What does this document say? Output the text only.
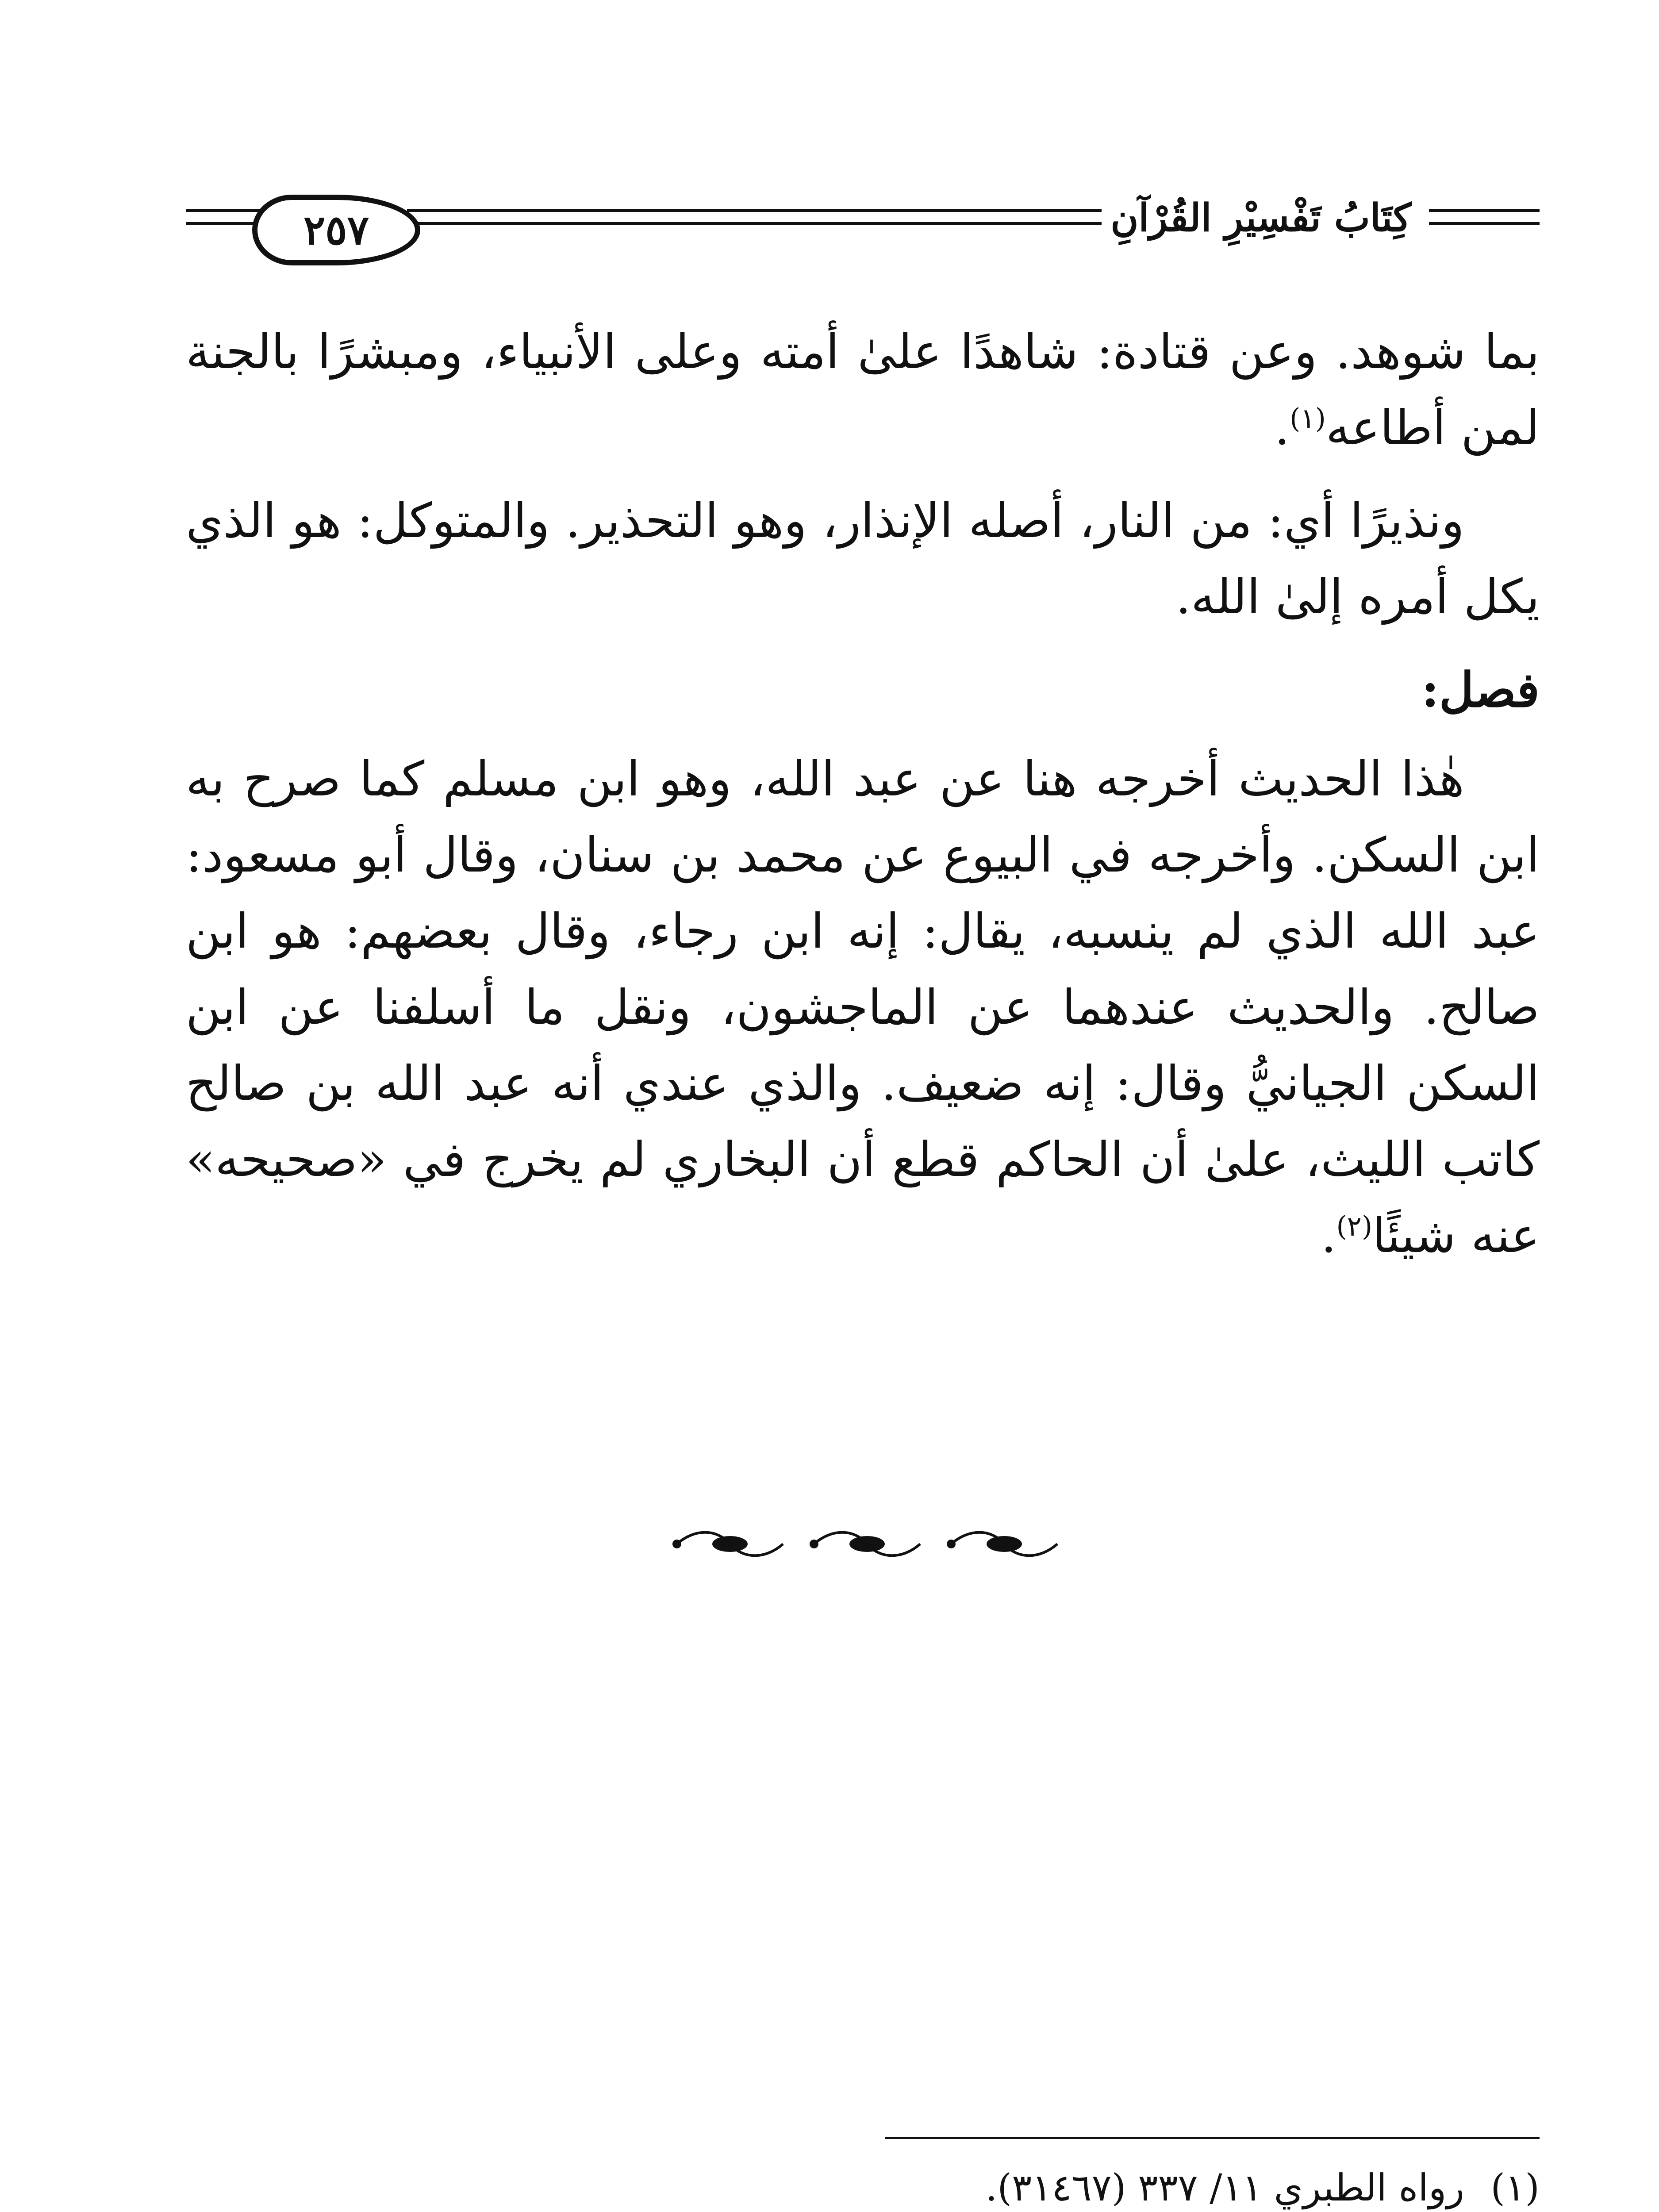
كِتَابُ تَفْسِيْرِ القُرْآنِ
٢٥٧

بما شوهد. وعن قتادة: شاهدًا علىٰ أمته وعلى الأنبياء، ومبشرًا بالجنة لمن أطاعه$^{(١)}$.

ونذيرًا أي: من النار، أصله الإنذار، وهو التحذير. والمتوكل: هو الذي يكل أمره إلىٰ الله.

فصل:

هٰذا الحديث أخرجه هنا عن عبد الله، وهو ابن مسلم كما صرح به ابن السكن. وأخرجه في البيوع عن محمد بن سنان، وقال أبو مسعود: عبد الله الذي لم ينسبه، يقال: إنه ابن رجاء، وقال بعضهم: هو ابن صالح. والحديث عندهما عن الماجشون، ونقل ما أسلفنا عن ابن السكن الجيانيُّ وقال: إنه ضعيف. والذي عندي أنه عبد الله بن صالح كاتب الليث، علىٰ أن الحاكم قطع أن البخاري لم يخرج في «صحيحه» عنه شيئًا$^{(٢)}$.

(١)
رواه الطبري ١١/ ٣٣٧ (٣١٤٦٧).
